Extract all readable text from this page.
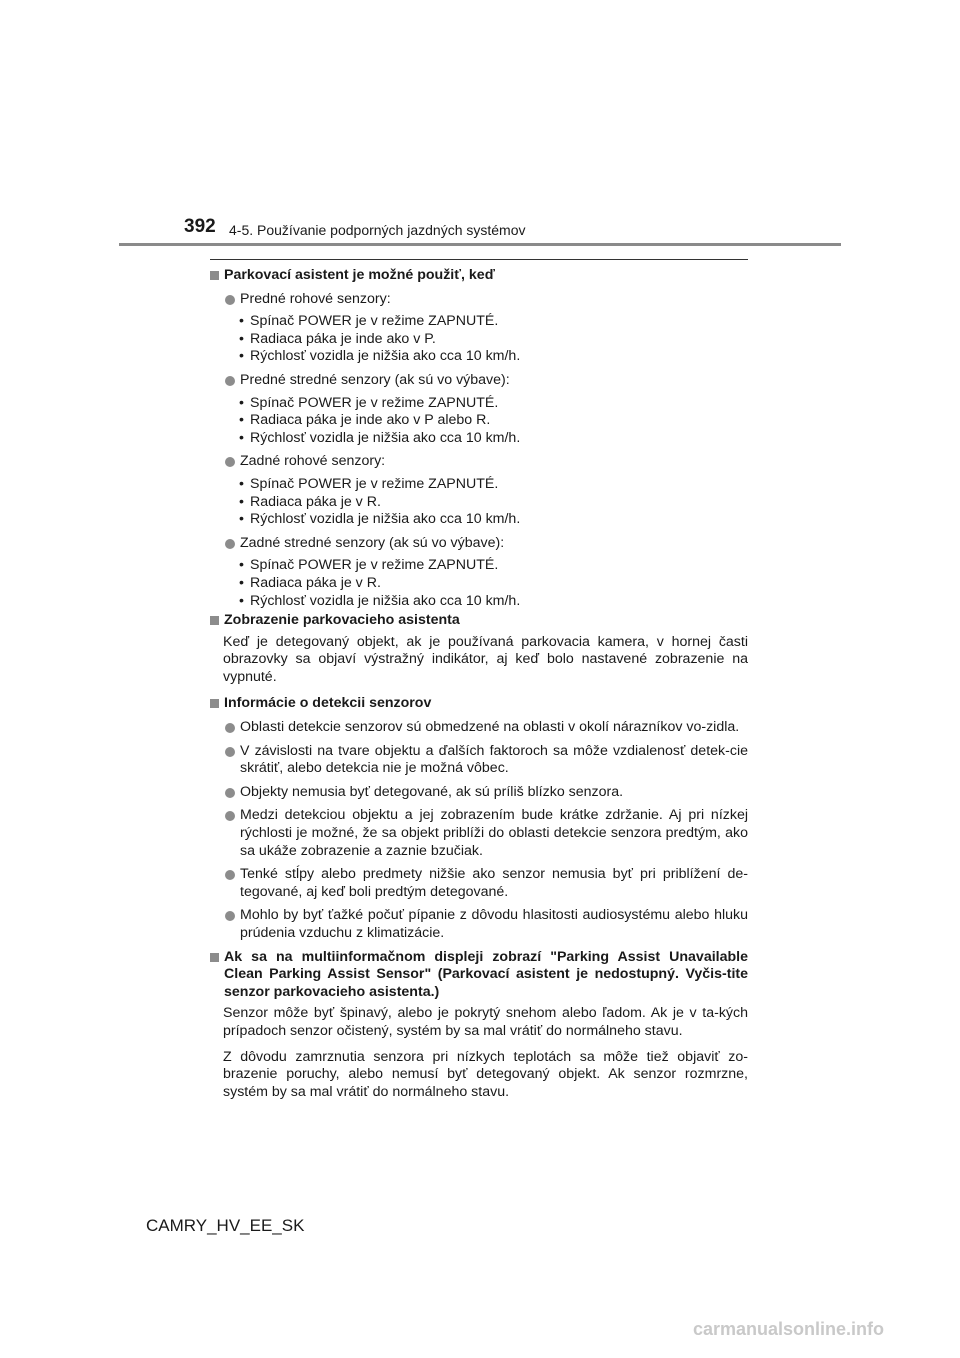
392 4-5. Používanie podporných jazdných systémov
Parkovací asistent je možné použiť, keď
Predné rohové senzory:
• Spínač POWER je v režime ZAPNUTÉ.
• Radiaca páka je inde ako v P.
• Rýchlosť vozidla je nižšia ako cca 10 km/h.
Predné stredné senzory (ak sú vo výbave):
• Spínač POWER je v režime ZAPNUTÉ.
• Radiaca páka je inde ako v P alebo R.
• Rýchlosť vozidla je nižšia ako cca 10 km/h.
Zadné rohové senzory:
• Spínač POWER je v režime ZAPNUTÉ.
• Radiaca páka je v R.
• Rýchlosť vozidla je nižšia ako cca 10 km/h.
Zadné stredné senzory (ak sú vo výbave):
• Spínač POWER je v režime ZAPNUTÉ.
• Radiaca páka je v R.
• Rýchlosť vozidla je nižšia ako cca 10 km/h.
Zobrazenie parkovacieho asistenta
Keď je detegovaný objekt, ak je používaná parkovacia kamera, v hornej časti obrazovky sa objaví výstražný indikátor, aj keď bolo nastavené zobrazenie na vypnuté.
Informácie o detekcii senzorov
Oblasti detekcie senzorov sú obmedzené na oblasti v okolí nárazníkov vo-zidla.
V závislosti na tvare objektu a ďalších faktoroch sa môže vzdialenosť detek-cie skrátiť, alebo detekcia nie je možná vôbec.
Objekty nemusia byť detegované, ak sú príliš blízko senzora.
Medzi detekciou objektu a jej zobrazením bude krátke zdržanie. Aj pri nízkej rýchlosti je možné, že sa objekt priblíži do oblasti detekcie senzora predtým, ako sa ukáže zobrazenie a zaznie bzučiak.
Tenké stĺpy alebo predmety nižšie ako senzor nemusia byť pri priblížení de-tegované, aj keď boli predtým detegované.
Mohlo by byť ťažké počuť pípanie z dôvodu hlasitosti audiosystému alebo hluku prúdenia vzduchu z klimatizácie.
Ak sa na multiinformačnom displeji zobrazí "Parking Assist Unavailable Clean Parking Assist Sensor" (Parkovací asistent je nedostupný. Vyčis-tite senzor parkovacieho asistenta.)
Senzor môže byť špinavý, alebo je pokrytý snehom alebo ľadom. Ak je v ta-kých prípadoch senzor očistený, systém by sa mal vrátiť do normálneho stavu.
Z dôvodu zamrznutia senzora pri nízkych teplotách sa môže tiež objaviť zo-brazenie poruchy, alebo nemusí byť detegovaný objekt. Ak senzor rozmrzne, systém by sa mal vrátiť do normálneho stavu.
CAMRY_HV_EE_SK
carmanualsonline.info
